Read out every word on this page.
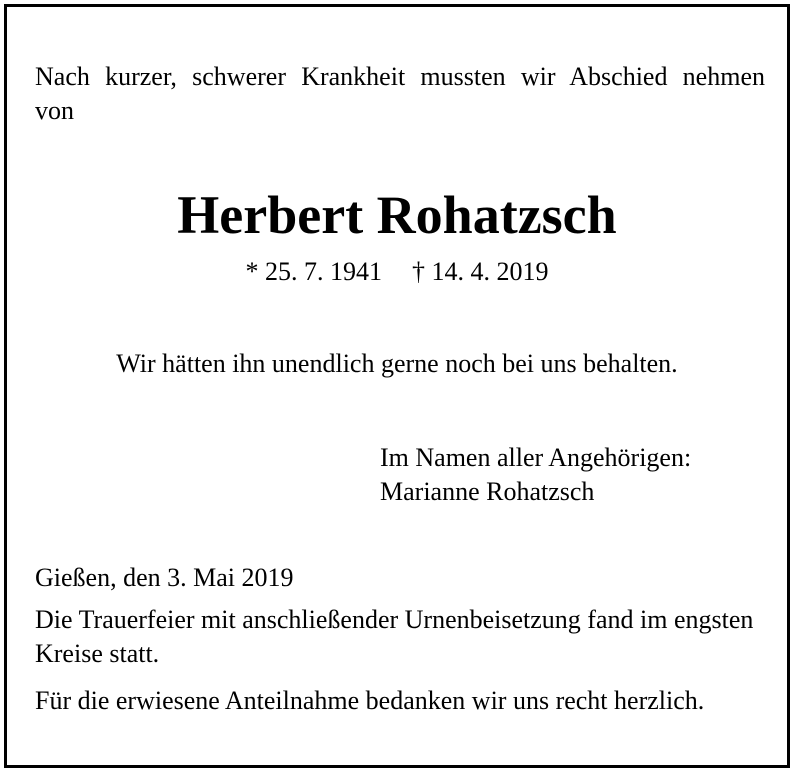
Nach kurzer, schwerer Krankheit mussten wir Abschied nehmen von
Herbert Rohatzsch
* 25. 7. 1941 † 14. 4. 2019
Wir hätten ihn unendlich gerne noch bei uns behalten.
Im Namen aller Angehörigen:
Marianne Rohatzsch
Gießen, den 3. Mai 2019
Die Trauerfeier mit anschließender Urnenbeisetzung fand im engsten Kreise statt.
Für die erwiesene Anteilnahme bedanken wir uns recht herzlich.
